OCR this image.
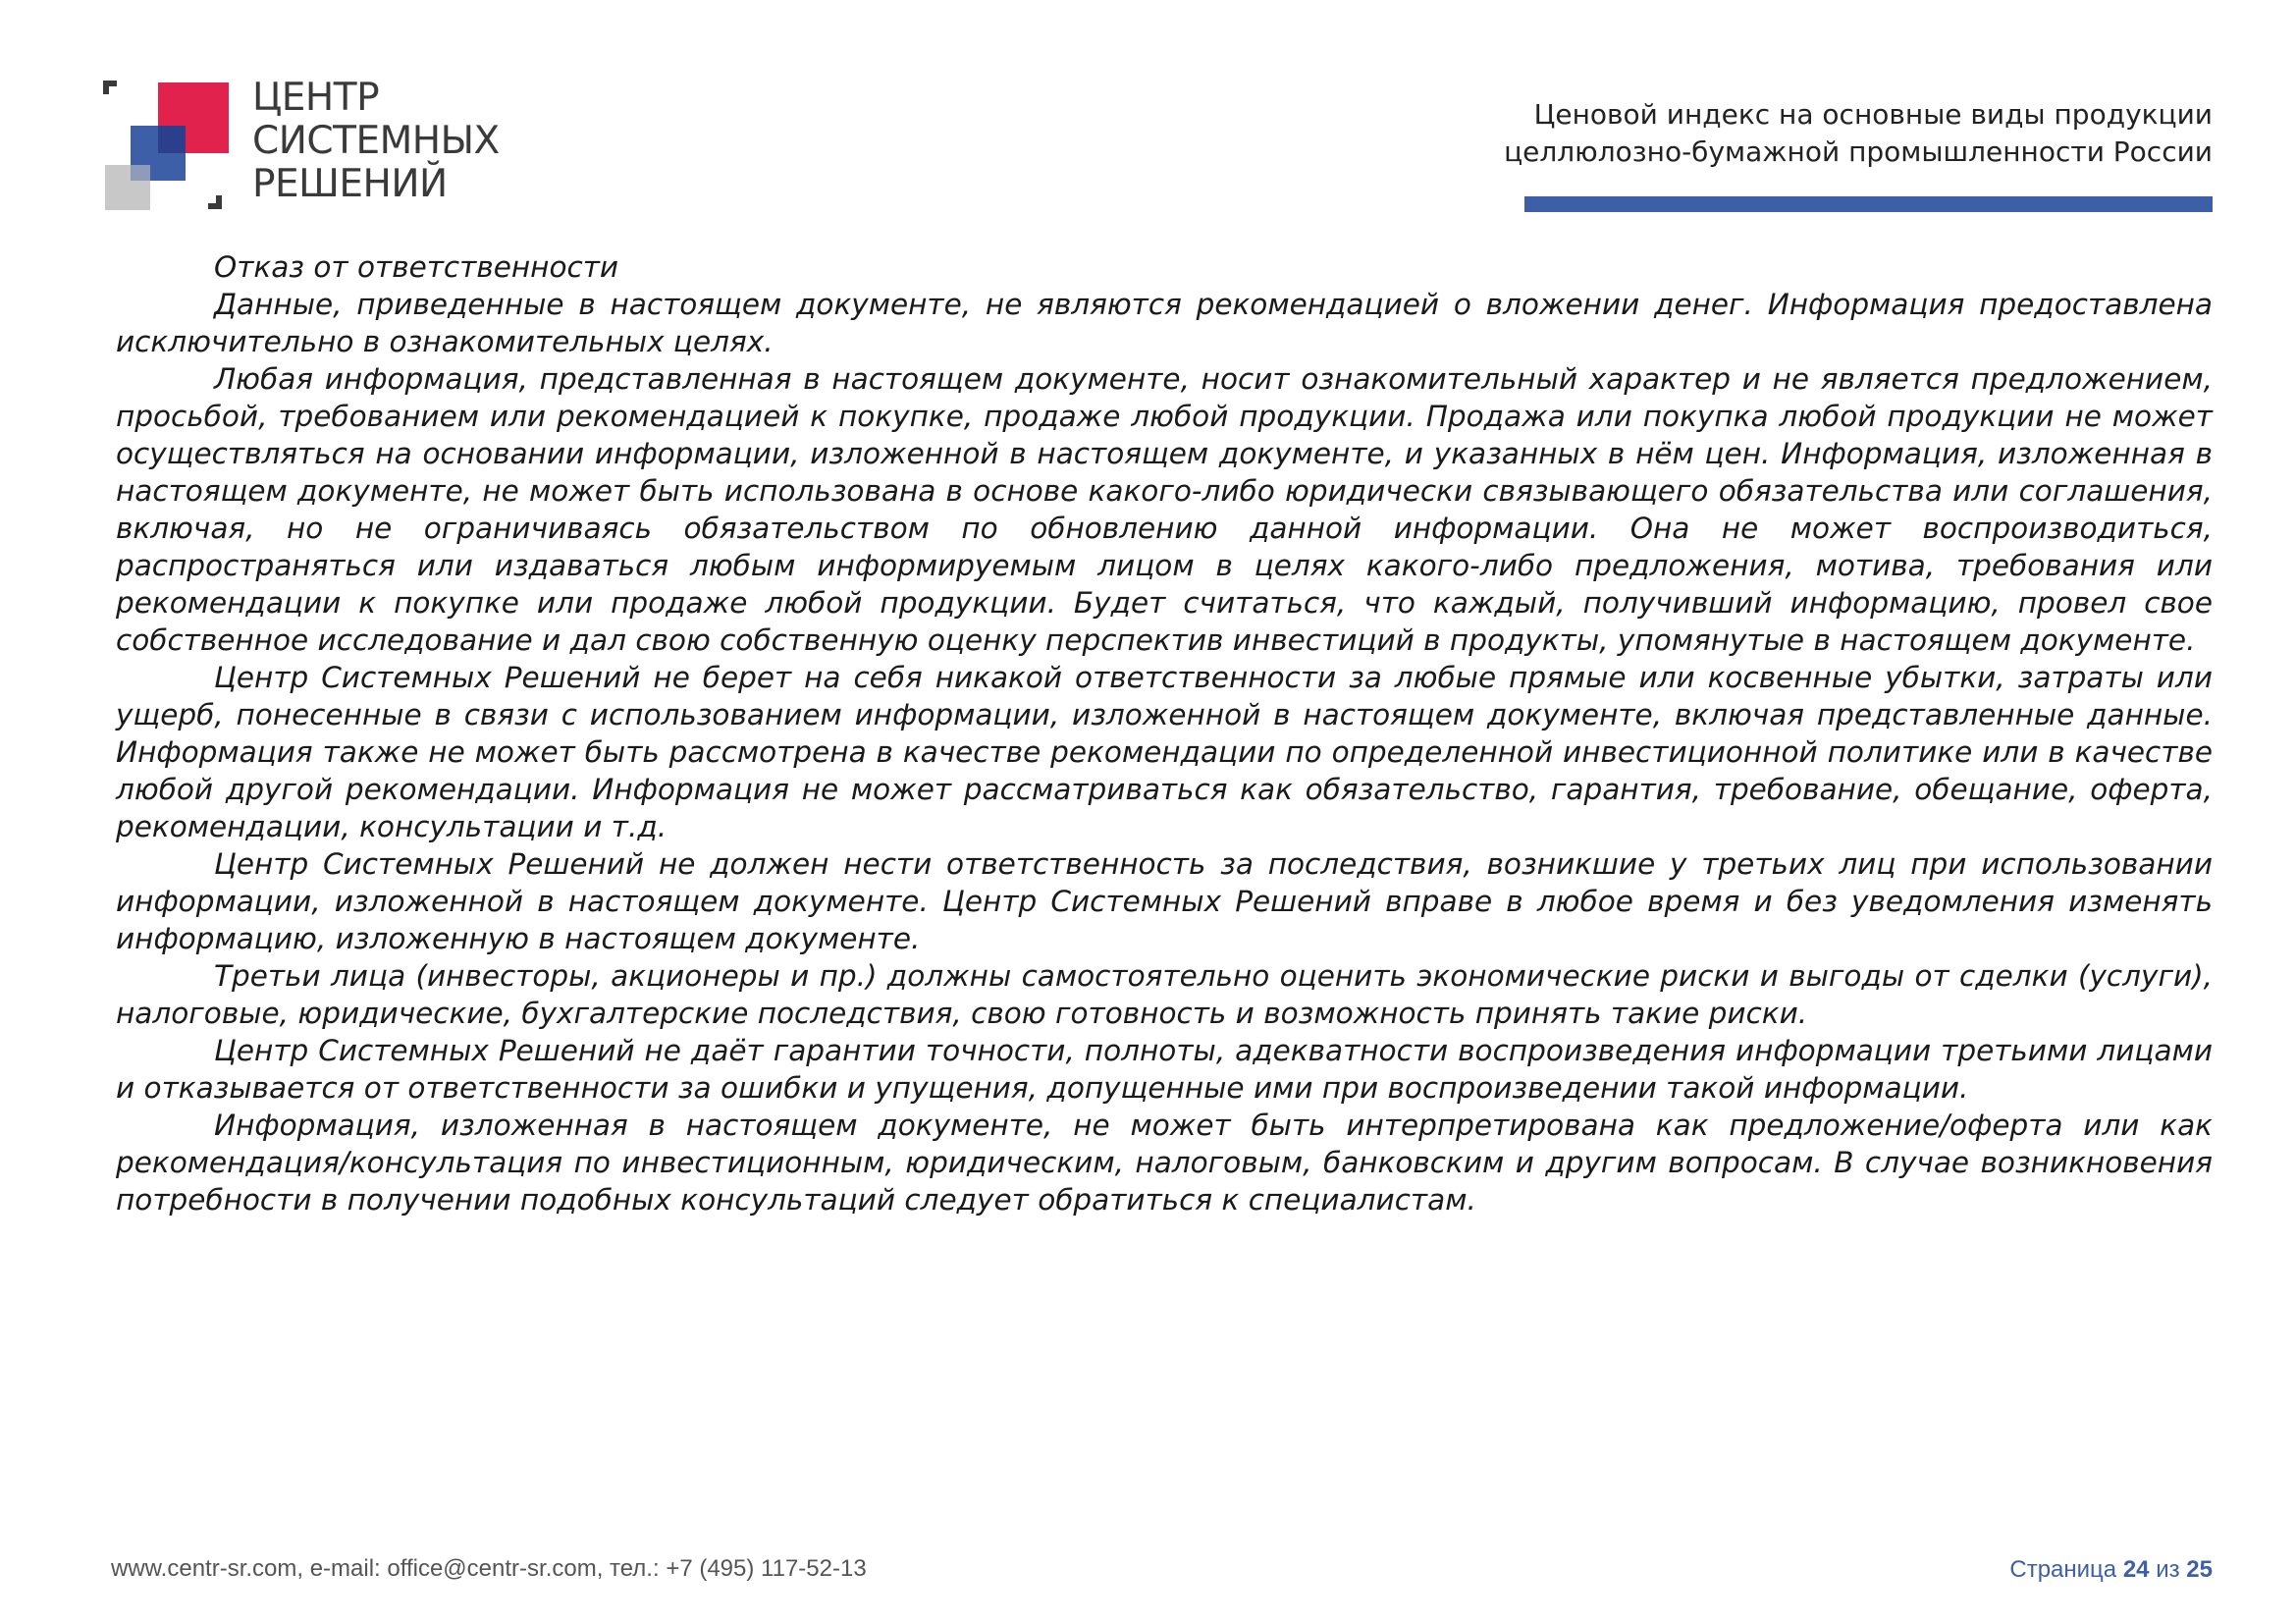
ЦЕНТР
СИСТЕМНЫХ
РЕШЕНИЙ
Ценовой индекс на основные виды продукции
целлюлозно-бумажной промышленности России
Отказ от ответственности

Данные, приведенные в настоящем документе, не являются рекомендацией о вложении денег. Информация предоставлена исключительно в ознакомительных целях.

Любая информация, представленная в настоящем документе, носит ознакомительный характер и не является предложением, просьбой, требованием или рекомендацией к покупке, продаже любой продукции. Продажа или покупка любой продукции не может осуществляться на основании информации, изложенной в настоящем документе, и указанных в нём цен. Информация, изложенная в настоящем документе, не может быть использована в основе какого-либо юридически связывающего обязательства или соглашения, включая, но не ограничиваясь обязательством по обновлению данной информации. Она не может воспроизводиться, распространяться или издаваться любым информируемым лицом в целях какого-либо предложения, мотива, требования или рекомендации к покупке или продаже любой продукции. Будет считаться, что каждый, получивший информацию, провел свое собственное исследование и дал свою собственную оценку перспектив инвестиций в продукты, упомянутые в настоящем документе.

Центр Системных Решений не берет на себя никакой ответственности за любые прямые или косвенные убытки, затраты или ущерб, понесенные в связи с использованием информации, изложенной в настоящем документе, включая представленные данные. Информация также не может быть рассмотрена в качестве рекомендации по определенной инвестиционной политике или в качестве любой другой рекомендации. Информация не может рассматриваться как обязательство, гарантия, требование, обещание, оферта, рекомендации, консультации и т.д.

Центр Системных Решений не должен нести ответственность за последствия, возникшие у третьих лиц при использовании информации, изложенной в настоящем документе. Центр Системных Решений вправе в любое время и без уведомления изменять информацию, изложенную в настоящем документе.

Третьи лица (инвесторы, акционеры и пр.) должны самостоятельно оценить экономические риски и выгоды от сделки (услуги), налоговые, юридические, бухгалтерские последствия, свою готовность и возможность принять такие риски.

Центр Системных Решений не даёт гарантии точности, полноты, адекватности воспроизведения информации третьими лицами и отказывается от ответственности за ошибки и упущения, допущенные ими при воспроизведении такой информации.

Информация, изложенная в настоящем документе, не может быть интерпретирована как предложение/оферта или как рекомендация/консультация по инвестиционным, юридическим, налоговым, банковским и другим вопросам. В случае возникновения потребности в получении подобных консультаций следует обратиться к специалистам.

www.centr-sr.com, e-mail: office@centr-sr.com, тел.: +7 (495) 117-52-13	Страница 24 из 25
